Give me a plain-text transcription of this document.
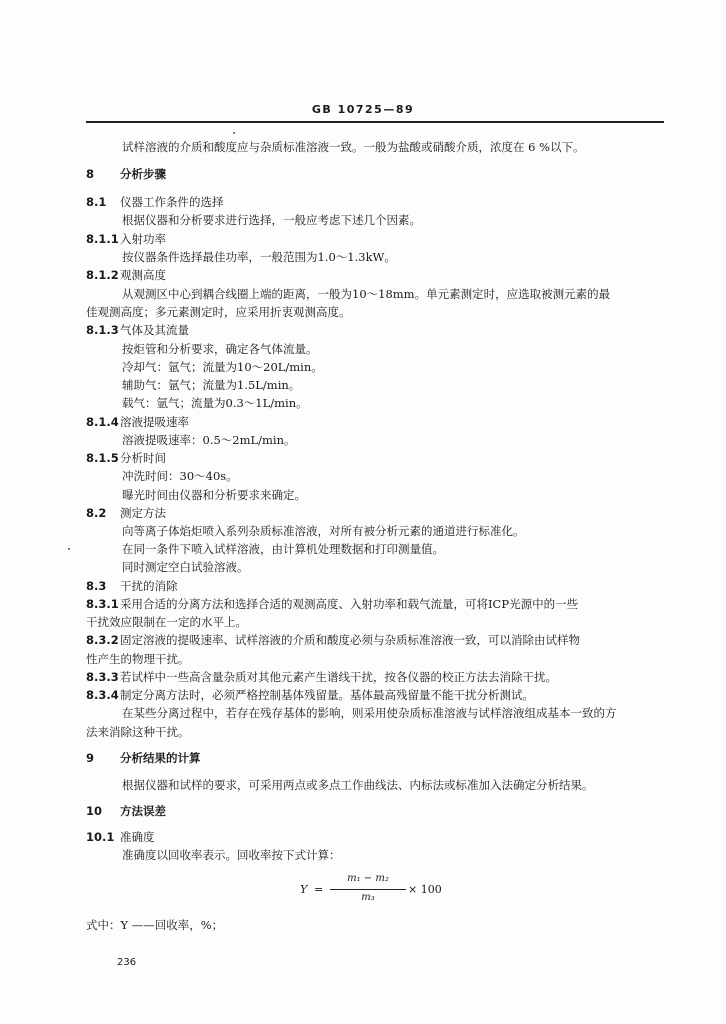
GB 10725—89
试样溶液的介质和酸度应与杂质标准溶液一致。一般为盐酸或硝酸介质，浓度在 6 %以下。
8 分析步骤
8.1 仪器工作条件的选择
根据仪器和分析要求进行选择，一般应考虑下述几个因素。
8.1.1入射功率
按仪器条件选择最佳功率，一般范围为1.0～1.3kW。
8.1.2观测高度
从观测区中心到耦合线圈上端的距离，一般为10～18mm。单元素测定时，应选取被测元素的最
佳观测高度；多元素测定时，应采用折衷观测高度。
8.1.3气体及其流量
按炬管和分析要求，确定各气体流量。
冷却气：氩气；流量为10～20L/min。
辅助气：氩气；流量为1.5L/min。
载气：氩气；流量为0.3～1L/min。
8.1.4溶液提吸速率
溶液提吸速率：0.5～2mL/min。
8.1.5分析时间
冲洗时间：30～40s。
曝光时间由仪器和分析要求来确定。
8.2 测定方法
向等离子体焰炬喷入系列杂质标准溶液，对所有被分析元素的通道进行标准化。
在同一条件下喷入试样溶液，由计算机处理数据和打印测量值。
同时测定空白试验溶液。
8.3 干扰的消除
8.3.1采用合适的分离方法和选择合适的观测高度、入射功率和载气流量，可将ICP光源中的一些
干扰效应限制在一定的水平上。
8.3.2固定溶液的提吸速率、试样溶液的介质和酸度必须与杂质标准溶液一致，可以消除由试样物
性产生的物理干扰。
8.3.3若试样中一些高含量杂质对其他元素产生谱线干扰，按各仪器的校正方法去消除干扰。
8.3.4制定分离方法时，必须严格控制基体残留量。基体最高残留量不能干扰分析测试。
在某些分离过程中，若存在残存基体的影响，则采用使杂质标准溶液与试样溶液组成基本一致的方
法来消除这种干扰。
9 分析结果的计算
根据仪器和试样的要求，可采用两点或多点工作曲线法、内标法或标准加入法确定分析结果。
10 方法误差
10.1 准确度
准确度以回收率表示。回收率按下式计算：
Y =
m₁ − m₂
m₃
× 100
式中：Y ——回收率，%；
236
